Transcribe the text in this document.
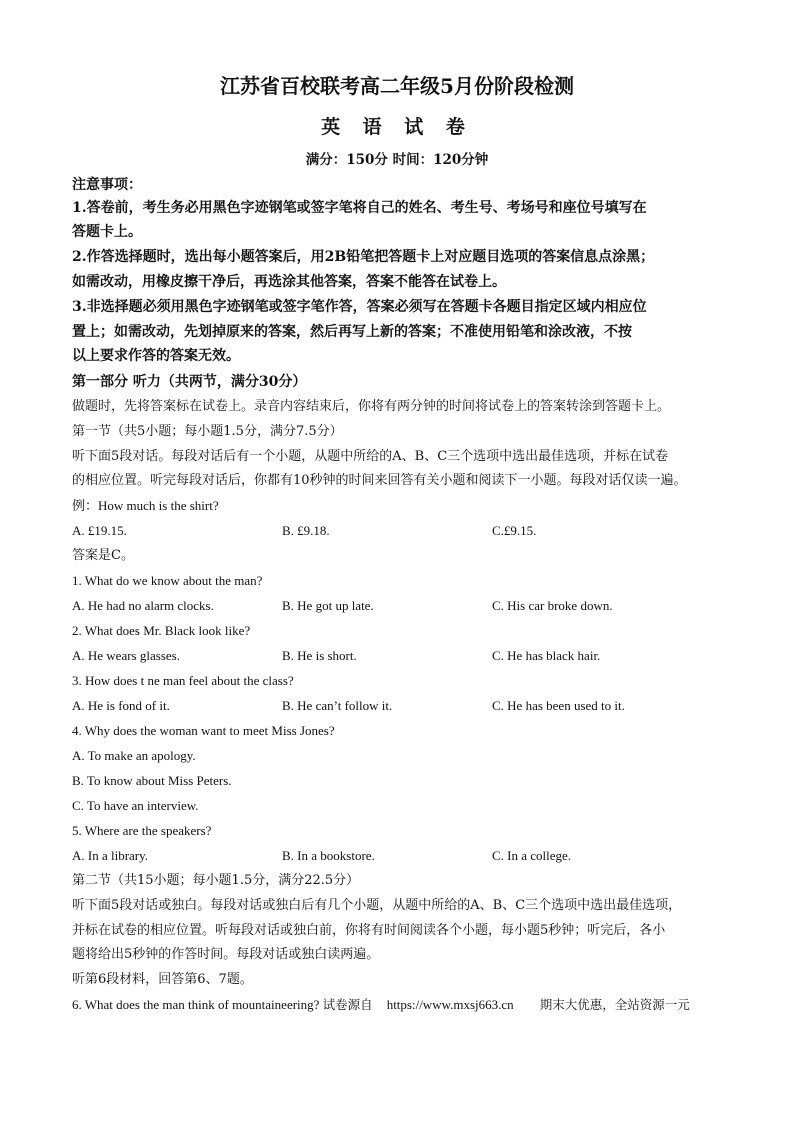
江苏省百校联考高二年级5月份阶段检测
英 语 试 卷
满分：150分 时间：120分钟
注意事项：
1.答卷前，考生务必用黑色字迹钢笔或签字笔将自己的姓名、考生号、考场号和座位号填写在
答题卡上。
2.作答选择题时，选出每小题答案后，用2B铅笔把答题卡上对应题目选项的答案信息点涂黑；
如需改动，用橡皮擦干净后，再选涂其他答案，答案不能答在试卷上。
3.非选择题必须用黑色字迹钢笔或签字笔作答，答案必须写在答题卡各题目指定区域内相应位
置上；如需改动，先划掉原来的答案，然后再写上新的答案；不准使用铅笔和涂改液，不按
以上要求作答的答案无效。
第一部分 听力（共两节，满分30分）
做题时，先将答案标在试卷上。录音内容结束后，你将有两分钟的时间将试卷上的答案转涂到答题卡上。
第一节（共5小题；每小题1.5分，满分7.5分）
听下面5段对话。每段对话后有一个小题，从题中所给的A、B、C三个选项中选出最佳选项，并标在试卷
的相应位置。听完每段对话后，你都有10秒钟的时间来回答有关小题和阅读下一小题。每段对话仅读一遍。
例：How much is the shirt?
A. £19.15.	B. £9.18.	C.£9.15.
答案是C。
1. What do we know about the man?
A. He had no alarm clocks.	B. He got up late.	C. His car broke down.
2. What does Mr. Black look like?
A. He wears glasses.	B. He is short.	C. He has black hair.
3. How does t ne man feel about the class?
A. He is fond of it.	B. He can’t follow it.	C. He has been used to it.
4. Why does the woman want to meet Miss Jones?
A. To make an apology.
B. To know about Miss Peters.
C. To have an interview.
5. Where are the speakers?
A. In a library.	B. In a bookstore.	C. In a college.
第二节（共15小题；每小题1.5分，满分22.5分）
听下面5段对话或独白。每段对话或独白后有几个小题，从题中所给的A、B、C三个选项中选出最佳选项，
并标在试卷的相应位置。听每段对话或独白前，你将有时间阅读各个小题，每小题5秒钟；听完后，各小
题将给出5秒钟的作答时间。每段对话或独白读两遍。
听第6段材料，回答第6、7题。
6. What does the man think of mountaineering? 试卷源自 https://www.mxsj663.cn 期末大优惠，全站资源一元
